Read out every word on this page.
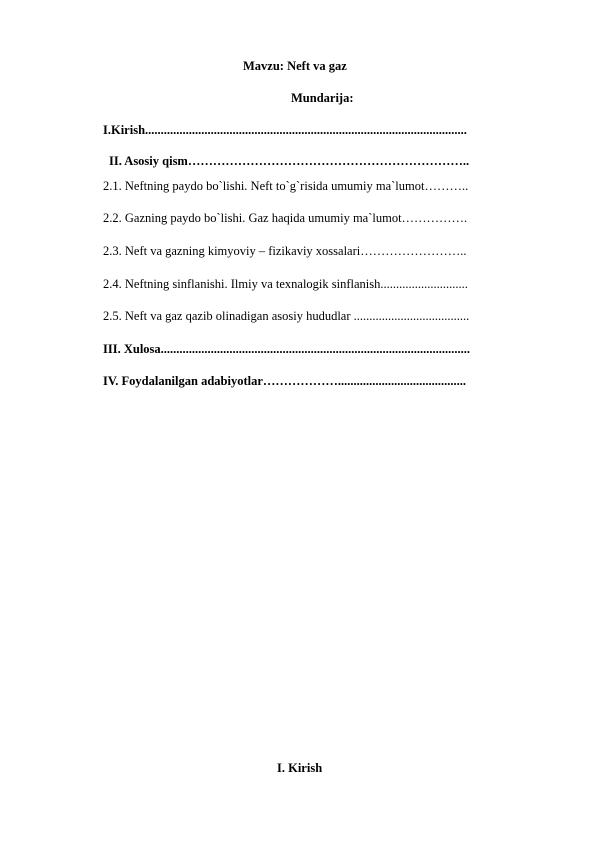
Mavzu: Neft va gaz
Mundarija:
I.Kirish.......................................................................................................
II. Asosiy qism…………………………………………………………..
2.1. Neftning paydo bo`lishi. Neft to`g`risida umumiy ma`lumot………..
2.2. Gazning paydo bo`lishi. Gaz haqida umumiy ma`lumot…………….
2.3. Neft va gazning kimyoviy – fizikaviy xossalari……………………..
2.4. Neftning sinflanishi. Ilmiy va texnalogik sinflanish............................
2.5. Neft va gaz qazib olinadigan asosiy hududlar .....................................
III. Xulosa...................................................................................................
IV. Foydalanilgan adabiyotlar……………….........................................
I. Kirish
